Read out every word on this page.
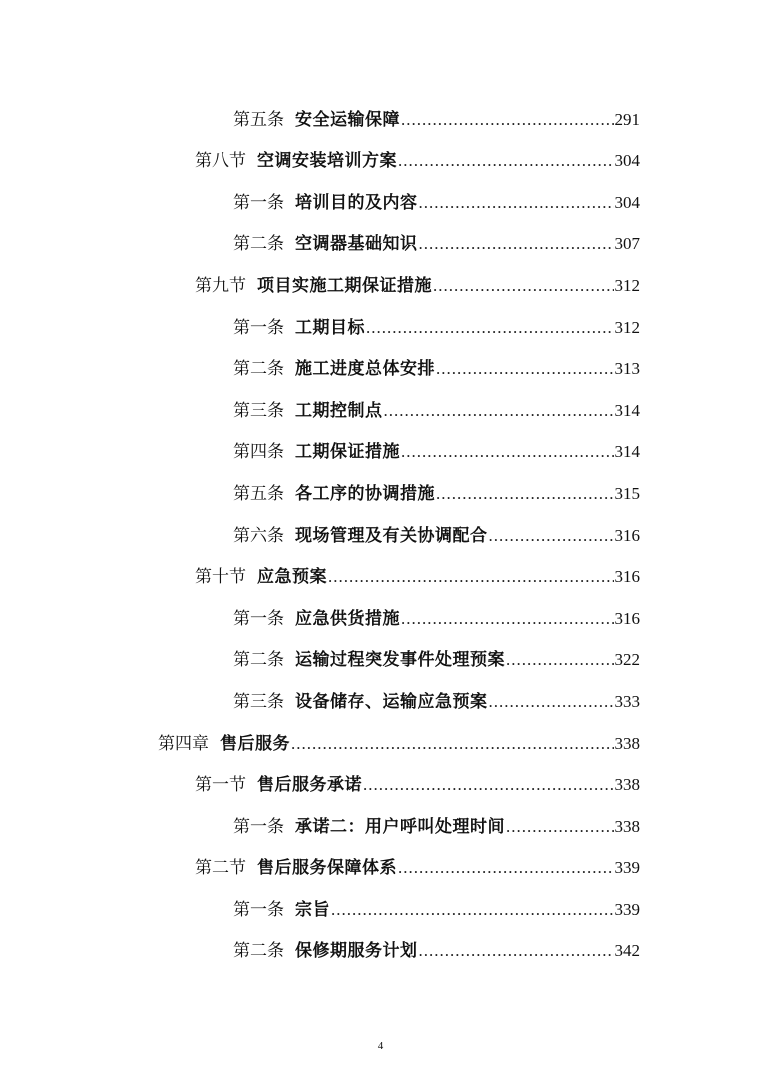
第五条 安全运输保障 .....	291
第八节 空调安装培训方案 .....	304
第一条 培训目的及内容 .....	304
第二条 空调器基础知识 .....	307
第九节 项目实施工期保证措施 .....	312
第一条 工期目标 .....	312
第二条 施工进度总体安排 .....	313
第三条 工期控制点 .....	314
第四条 工期保证措施 .....	314
第五条 各工序的协调措施 .....	315
第六条 现场管理及有关协调配合 .....	316
第十节 应急预案 .....	316
第一条 应急供货措施 .....	316
第二条 运输过程突发事件处理预案 .....	322
第三条 设备储存、运输应急预案 .....	333
第四章 售后服务 .....	338
第一节 售后服务承诺 .....	338
第一条 承诺二：用户呼叫处理时间 .....	338
第二节 售后服务保障体系 .....	339
第一条 宗旨 .....	339
第二条 保修期服务计划 .....	342
4
